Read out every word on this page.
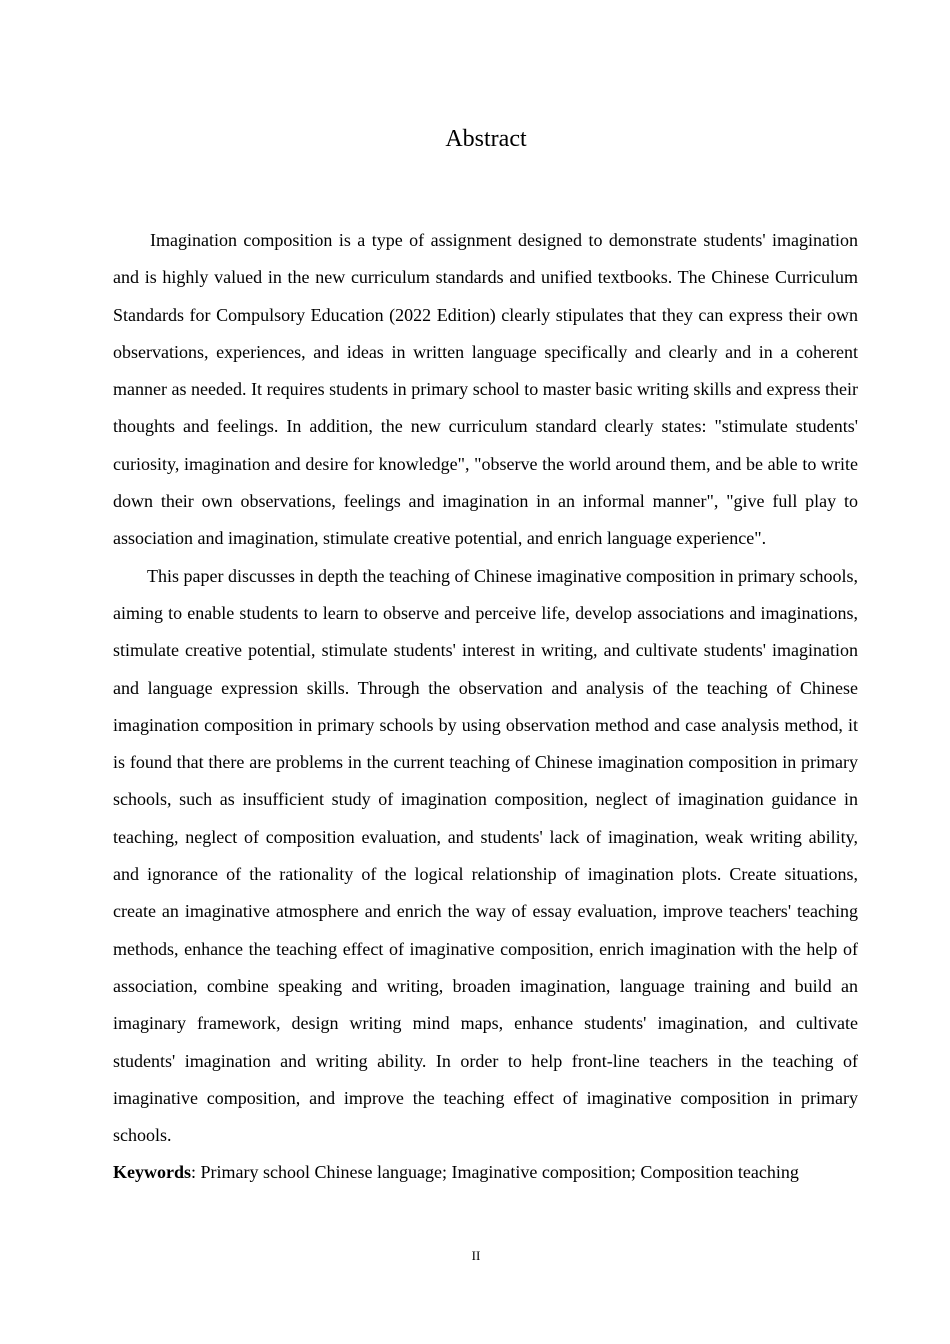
Abstract

Imagination composition is a type of assignment designed to demonstrate students' imagination and is highly valued in the new curriculum standards and unified textbooks. The Chinese Curriculum Standards for Compulsory Education (2022 Edition) clearly stipulates that they can express their own observations, experiences, and ideas in written language specifically and clearly and in a coherent manner as needed. It requires students in primary school to master basic writing skills and express their thoughts and feelings. In addition, the new curriculum standard clearly states: "stimulate students' curiosity, imagination and desire for knowledge", "observe the world around them, and be able to write down their own observations, feelings and imagination in an informal manner", "give full play to association and imagination, stimulate creative potential, and enrich language experience".

This paper discusses in depth the teaching of Chinese imaginative composition in primary schools, aiming to enable students to learn to observe and perceive life, develop associations and imaginations, stimulate creative potential, stimulate students' interest in writing, and cultivate students' imagination and language expression skills. Through the observation and analysis of the teaching of Chinese imagination composition in primary schools by using observation method and case analysis method, it is found that there are problems in the current teaching of Chinese imagination composition in primary schools, such as insufficient study of imagination composition, neglect of imagination guidance in teaching, neglect of composition evaluation, and students' lack of imagination, weak writing ability, and ignorance of the rationality of the logical relationship of imagination plots. Create situations, create an imaginative atmosphere and enrich the way of essay evaluation, improve teachers' teaching methods, enhance the teaching effect of imaginative composition, enrich imagination with the help of association, combine speaking and writing, broaden imagination, language training and build an imaginary framework, design writing mind maps, enhance students' imagination, and cultivate students' imagination and writing ability. In order to help front-line teachers in the teaching of imaginative composition, and improve the teaching effect of imaginative composition in primary schools.

Keywords: Primary school Chinese language; Imaginative composition; Composition teaching

II
